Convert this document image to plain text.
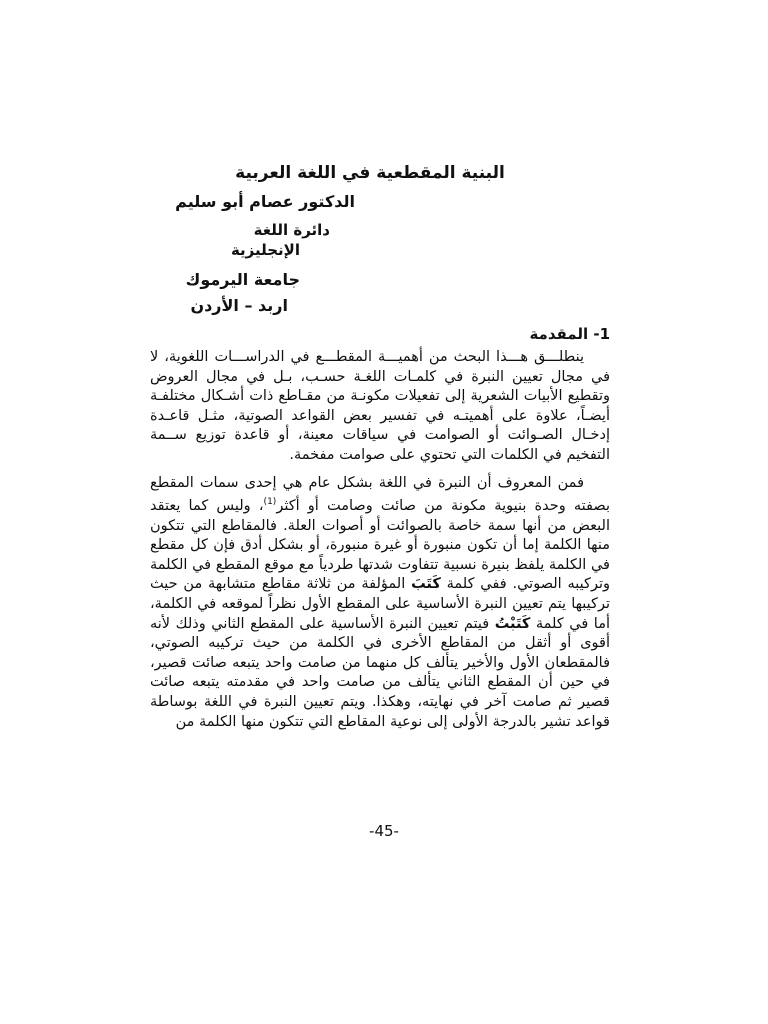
البنية المقطعية في اللغة العربية
الدكتور عصام أبو سليم
دائرة اللغة
الإنجليزية
جامعة اليرموك
اربد – الأردن
1- المقدمة

ينطلـــق هـــذا البحث من أهميـــة المقطـــع في الدراســـات اللغوية، لا في مجال تعيين النبرة في كلمـات اللغـة حسـب، بـل في مجال العروض وتقطيع الأبيات الشعرية إلى تفعيلات مكونـة من مقـاطع ذات أشـكال مختلفـة أيضـاً، علاوة على أهميتـه في تفسير بعض القواعد الصوتية، مثـل قاعـدة إدخـال الصـوائت أو الصوامت في سياقات معينة، أو قاعدة توزيع ســمة التفخيم في الكلمات التي تحتوي على صوامت مفخمة.

فمن المعروف أن النبرة في اللغة بشكل عام هي إحدى سمات المقطع بصفته وحدة بنيوية مكونة من صائت وصامت أو أكثر$^{(1)}$، وليس كما يعتقد البعض من أنها سمة خاصة بالصوائت أو أصوات العلة. فالمقاطع التي تتكون منها الكلمة إما أن تكون منبورة أو غيرة منبورة، أو بشكل أدق فإن كل مقطع في الكلمة يلفظ بنيرة نسبية تتفاوت شدتها طردياً مع موقع المقطع في الكلمة وتركيبه الصوتي. ففي كلمة كَتَبَ المؤلفة من ثلاثة مقاطع متشابهة من حيث تركيبها يتم تعيين النبرة الأساسية على المقطع الأول نظراً لموقعه في الكلمة، أما في كلمة كَتَبْتُ فيتم تعيين النبرة الأساسية على المقطع الثاني وذلك لأنه أقوى أو أثقل من المقاطع الأخرى في الكلمة من حيث تركيبه الصوتي، فالمقطعان الأول والأخير يتألف كل منهما من صامت واحد يتبعه صائت قصير، في حين أن المقطع الثاني يتألف من صامت واحد في مقدمته يتبعه صائت قصير ثم صامت آخر في نهايته، وهكذا. ويتم تعيين النبرة في اللغة بوساطة قواعد تشير بالدرجة الأولى إلى نوعية المقاطع التي تتكون منها الكلمة من

-45-
